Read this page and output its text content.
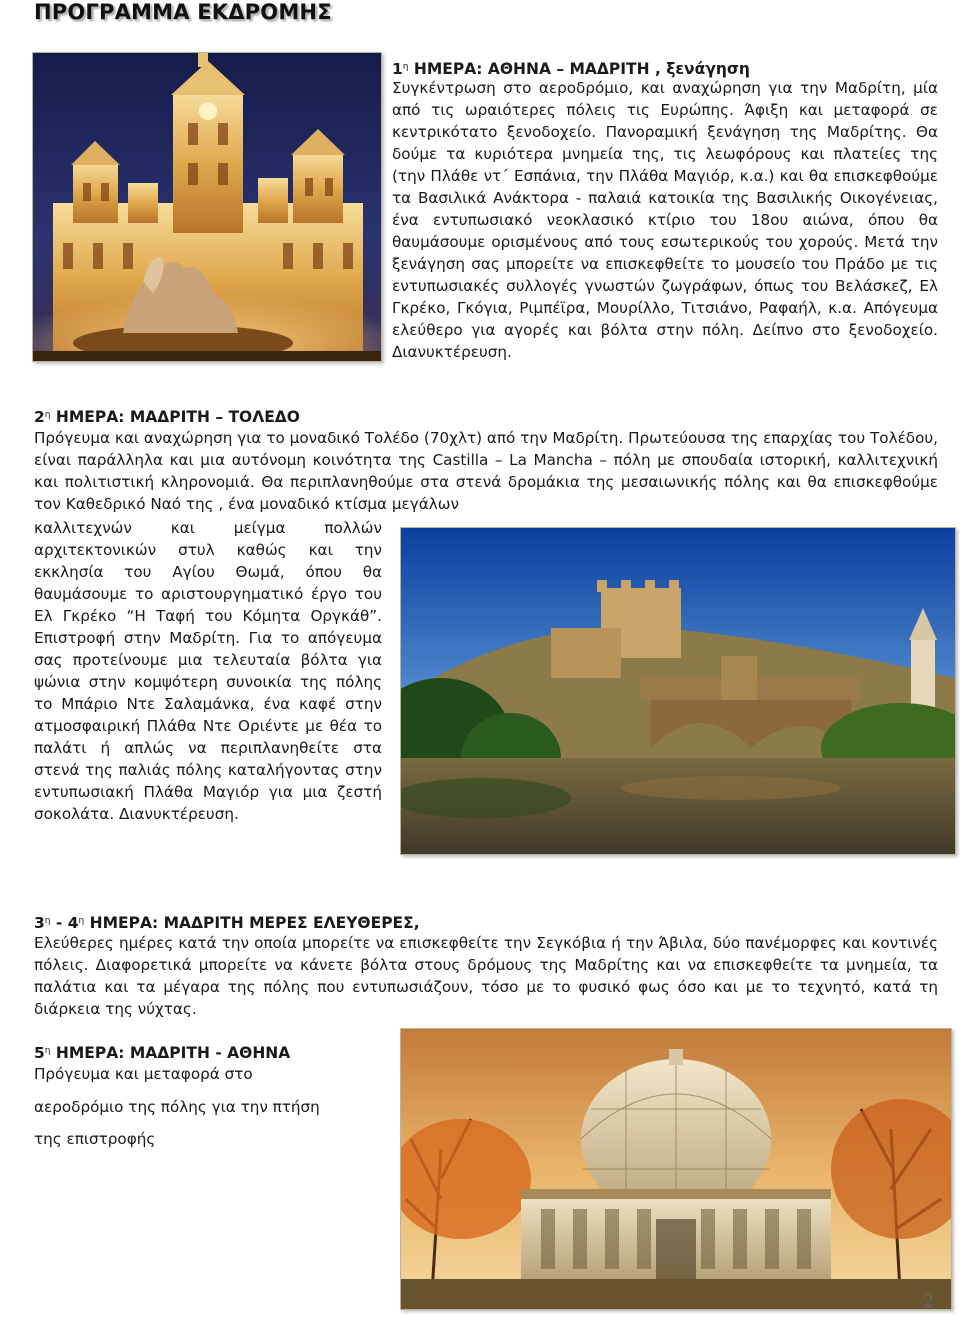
ΠΡΟΓΡΑΜΜΑ ΕΚΔΡΟΜΗΣ
$1^\eta$ ΗΜΕΡΑ: ΑΘΗΝΑ – ΜΑΔΡΙΤΗ , ξενάγηση
Συγκέντρωση στο αεροδρόμιο, και αναχώρηση για την Μαδρίτη, μία από τις ωραιότερες πόλεις τις Ευρώπης. Άφιξη και μεταφορά σε κεντρικότατο ξενοδοχείο. Πανοραμική ξενάγηση της Μαδρίτης. Θα δούμε τα κυριότερα μνημεία της, τις λεωφόρους και πλατείες της (την Πλάθε ντ΄ Εσπάνια, την Πλάθα Μαγιόρ, κ.α.) και θα επισκεφθούμε τα Βασιλικά Ανάκτορα - παλαιά κατοικία της Βασιλικής Οικογένειας, ένα εντυπωσιακό νεοκλασικό κτίριο του 18ου αιώνα, όπου θα θαυμάσουμε ορισμένους από τους εσωτερικούς του χορούς. Μετά την ξενάγηση σας μπορείτε να επισκεφθείτε το μουσείο του Πράδο με τις εντυπωσιακές συλλογές γνωστών ζωγράφων, όπως του Βελάσκεζ, Ελ Γκρέκο, Γκόγια, Ριμπέϊρα, Μουρίλλο, Τιτσιάνο, Ραφαήλ, κ.α. Απόγευμα ελεύθερο για αγορές και βόλτα στην πόλη. Δείπνο στο ξενοδοχείο. Διανυκτέρευση.
$2^\eta$ ΗΜΕΡΑ: ΜΑΔΡΙΤΗ – ΤΟΛΕΔΟ
Πρόγευμα και αναχώρηση για το μοναδικό Τολέδο (70χλτ) από την Μαδρίτη. Πρωτεύουσα της επαρχίας του Τολέδου, είναι παράλληλα και μια αυτόνομη κοινότητα της Castilla – La Mancha – πόλη με σπουδαία ιστορική, καλλιτεχνική και πολιτιστική κληρονομιά. Θα περιπλανηθούμε στα στενά δρομάκια της μεσαιωνικής πόλης και θα επισκεφθούμε τον Καθεδρικό Ναό της , ένα μοναδικό κτίσμα μεγάλων
καλλιτεχνών και μείγμα πολλών αρχιτεκτονικών στυλ καθώς και την εκκλησία του Αγίου Θωμά, όπου θα θαυμάσουμε το αριστουργηματικό έργο του Ελ Γκρέκο “Η Ταφή του Κόμητα Οργκάθ”. Επιστροφή στην Μαδρίτη. Για το απόγευμα σας προτείνουμε μια τελευταία βόλτα για ψώνια στην κομψότερη συνοικία της πόλης το Μπάριο Ντε Σαλαμάνκα, ένα καφέ στην ατμοσφαιρική Πλάθα Ντε Οριέντε με θέα το παλάτι ή απλώς να περιπλανηθείτε στα στενά της παλιάς πόλης καταλήγοντας στην εντυπωσιακή Πλάθα Μαγιόρ για μια ζεστή σοκολάτα. Διανυκτέρευση.
$3^\eta - 4^\eta$ ΗΜΕΡΑ: ΜΑΔΡΙΤΗ ΜΕΡΕΣ ΕΛΕΥΘΕΡΕΣ,
Ελεύθερες ημέρες κατά την οποία μπορείτε να επισκεφθείτε την Σεγκόβια ή την Άβιλα, δύο πανέμορφες και κοντινές πόλεις. Διαφορετικά μπορείτε να κάνετε βόλτα στους δρόμους της Μαδρίτης και να επισκεφθείτε τα μνημεία, τα παλάτια και τα μέγαρα της πόλης που εντυπωσιάζουν, τόσο με το φυσικό φως όσο και με το τεχνητό, κατά τη διάρκεια της νύχτας.
$5^\eta$ ΗΜΕΡΑ: ΜΑΔΡΙΤΗ - ΑΘΗΝΑ
Πρόγευμα και μεταφορά στο
αεροδρόμιο της πόλης για την πτήση
της επιστροφής
2
